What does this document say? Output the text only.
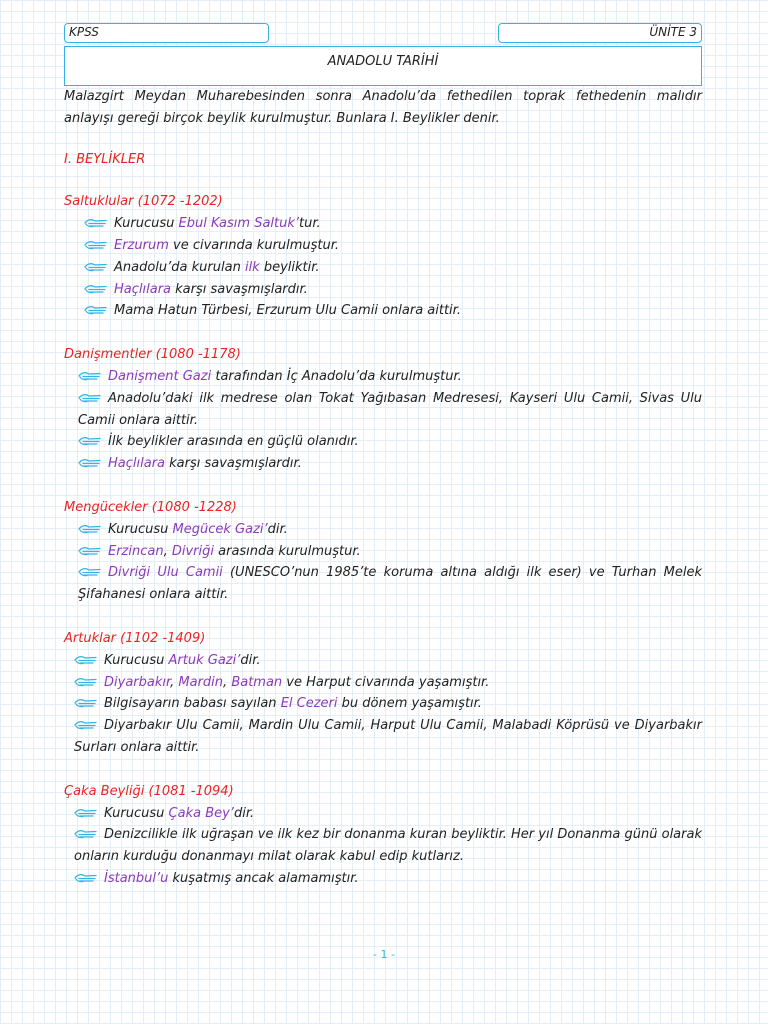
KPSS	ÜNİTE 3
ANADOLU TARİHİ

Malazgirt Meydan Muharebesinden sonra Anadolu’da fethedilen toprak fethedenin malıdır anlayışı gereği birçok beylik kurulmuştur. Bunlara I. Beylikler denir.

I. BEYLİKLER
Saltuklular (1072 -1202)

Kurucusu Ebul Kasım Saltuk’tur.

Erzurum ve civarında kurulmuştur.

Anadolu’da kurulan ilk beyliktir.

Haçlılara karşı savaşmışlardır.

Mama Hatun Türbesi, Erzurum Ulu Camii onlara aittir.

Danişmentler (1080 -1178)

Danişment Gazi tarafından İç Anadolu’da kurulmuştur.

Anadolu’daki ilk medrese olan Tokat Yağıbasan Medresesi, Kayseri Ulu Camii, Sivas Ulu Camii onlara aittir.

İlk beylikler arasında en güçlü olanıdır.

Haçlılara karşı savaşmışlardır.

Mengücekler (1080 -1228)

Kurucusu Megücek Gazi’dir.

Erzincan, Divriği arasında kurulmuştur.

Divriği Ulu Camii (UNESCO’nun 1985’te koruma altına aldığı ilk eser) ve Turhan Melek Şifahanesi onlara aittir.

Artuklar (1102 -1409)

Kurucusu Artuk Gazi’dir.

Diyarbakır, Mardin, Batman ve Harput civarında yaşamıştır.

Bilgisayarın babası sayılan El Cezeri bu dönem yaşamıştır.

Diyarbakır Ulu Camii, Mardin Ulu Camii, Harput Ulu Camii, Malabadi Köprüsü ve Diyarbakır Surları onlara aittir.

Çaka Beyliği (1081 -1094)

Kurucusu Çaka Bey’dir.

Denizcilikle ilk uğraşan ve ilk kez bir donanma kuran beyliktir. Her yıl Donanma günü olarak onların kurduğu donanmayı milat olarak kabul edip kutlarız.

İstanbul’u kuşatmış ancak alamamıştır.

- 1 -
